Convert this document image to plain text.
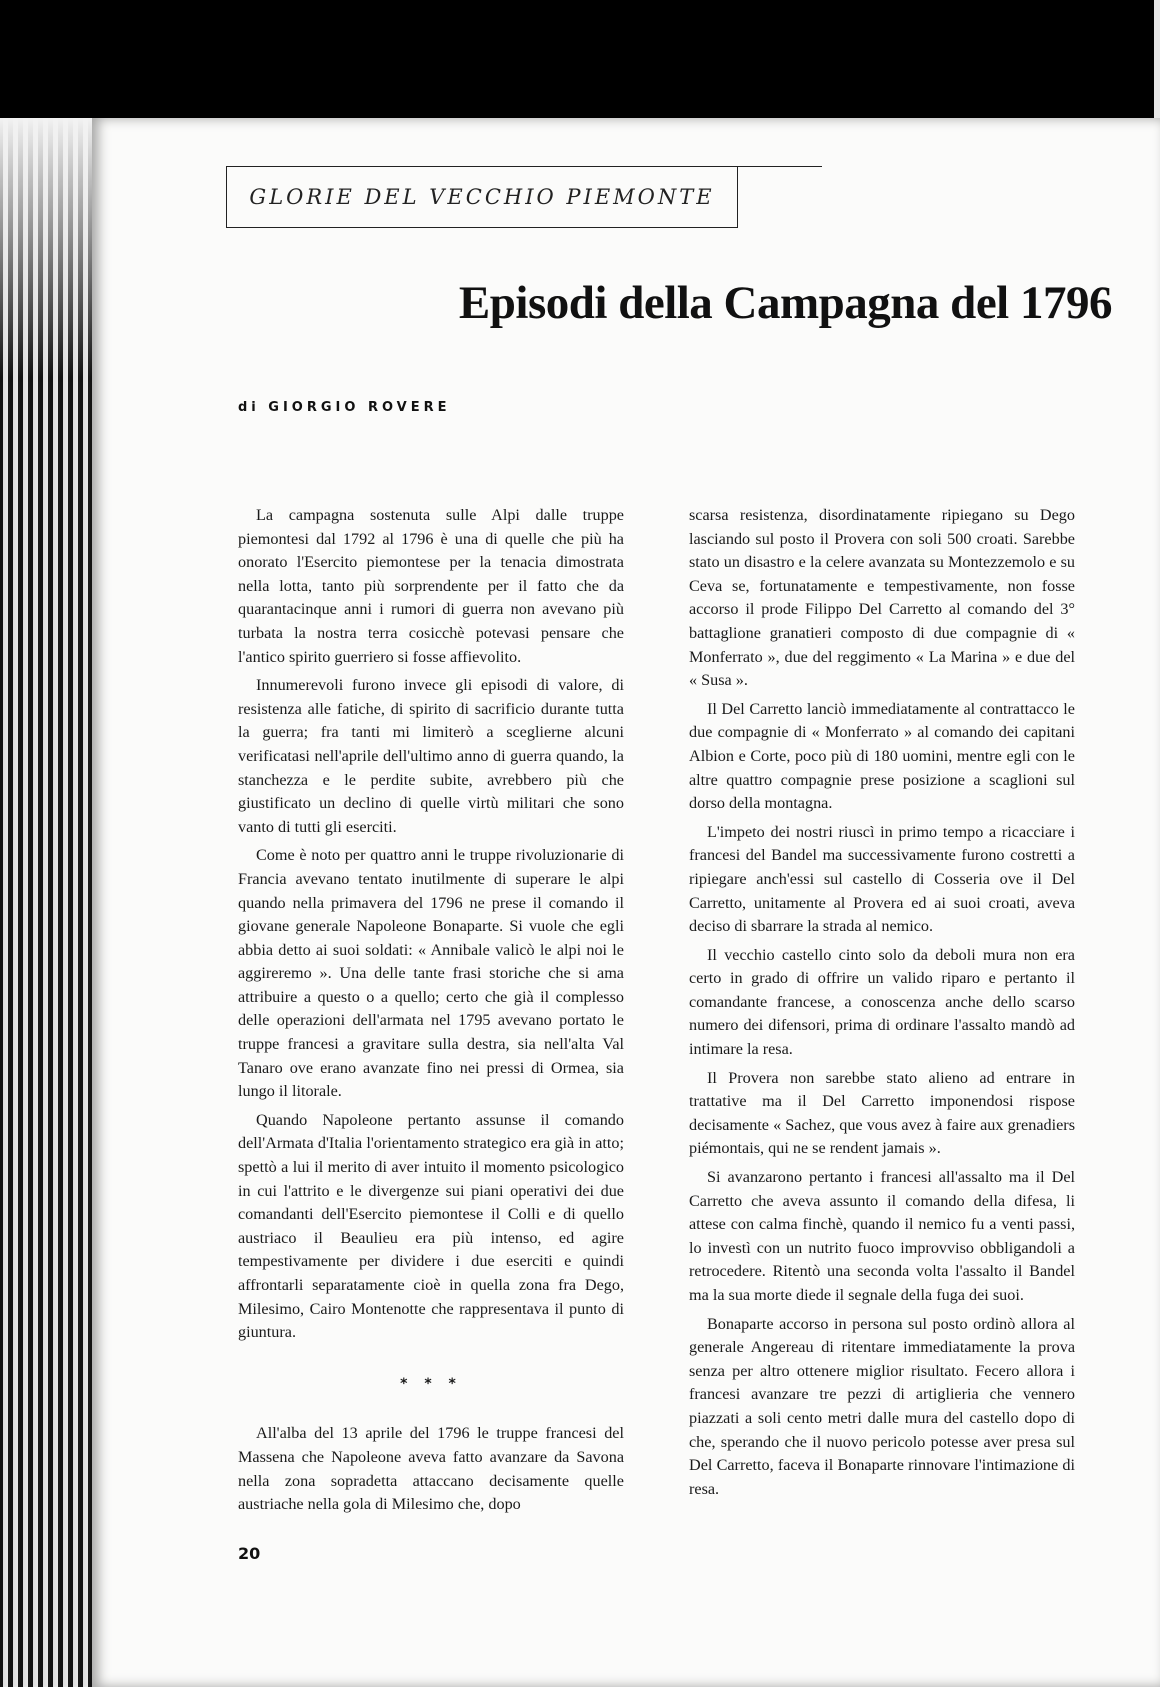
GLORIE DEL VECCHIO PIEMONTE
Episodi della Campagna del 1796
di GIORGIO ROVERE

La campagna sostenuta sulle Alpi dalle truppe piemontesi dal 1792 al 1796 è una di quelle che più ha onorato l'Esercito piemontese per la tenacia dimostrata nella lotta, tanto più sorprendente per il fatto che da quarantacinque anni i rumori di guerra non avevano più turbata la nostra terra cosicchè potevasi pensare che l'antico spirito guerriero si fosse affievolito.

Innumerevoli furono invece gli episodi di valore, di resistenza alle fatiche, di spirito di sacrificio durante tutta la guerra; fra tanti mi limiterò a sceglierne alcuni verificatasi nell'aprile dell'ultimo anno di guerra quando, la stanchezza e le perdite subite, avrebbero più che giustificato un declino di quelle virtù militari che sono vanto di tutti gli eserciti.

Come è noto per quattro anni le truppe rivoluzionarie di Francia avevano tentato inutilmente di superare le alpi quando nella primavera del 1796 ne prese il comando il giovane generale Napoleone Bonaparte. Si vuole che egli abbia detto ai suoi soldati: « Annibale valicò le alpi noi le aggireremo ». Una delle tante frasi storiche che si ama attribuire a questo o a quello; certo che già il complesso delle operazioni dell'armata nel 1795 avevano portato le truppe francesi a gravitare sulla destra, sia nell'alta Val Tanaro ove erano avanzate fino nei pressi di Ormea, sia lungo il litorale.

Quando Napoleone pertanto assunse il comando dell'Armata d'Italia l'orientamento strategico era già in atto; spettò a lui il merito di aver intuito il momento psicologico in cui l'attrito e le divergenze sui piani operativi dei due comandanti dell'Esercito piemontese il Colli e di quello austriaco il Beaulieu era più intenso, ed agire tempestivamente per dividere i due eserciti e quindi affrontarli separatamente cioè in quella zona fra Dego, Milesimo, Cairo Montenotte che rappresentava il punto di giuntura.

* * *

All'alba del 13 aprile del 1796 le truppe francesi del Massena che Napoleone aveva fatto avanzare da Savona nella zona sopradetta attaccano decisamente quelle austriache nella gola di Milesimo che, dopo

scarsa resistenza, disordinatamente ripiegano su Dego lasciando sul posto il Provera con soli 500 croati. Sarebbe stato un disastro e la celere avanzata su Montezzemolo e su Ceva se, fortunatamente e tempestivamente, non fosse accorso il prode Filippo Del Carretto al comando del 3° battaglione granatieri composto di due compagnie di « Monferrato », due del reggimento « La Marina » e due del « Susa ».

Il Del Carretto lanciò immediatamente al contrattacco le due compagnie di « Monferrato » al comando dei capitani Albion e Corte, poco più di 180 uomini, mentre egli con le altre quattro compagnie prese posizione a scaglioni sul dorso della montagna.

L'impeto dei nostri riuscì in primo tempo a ricacciare i francesi del Bandel ma successivamente furono costretti a ripiegare anch'essi sul castello di Cosseria ove il Del Carretto, unitamente al Provera ed ai suoi croati, aveva deciso di sbarrare la strada al nemico.

Il vecchio castello cinto solo da deboli mura non era certo in grado di offrire un valido riparo e pertanto il comandante francese, a conoscenza anche dello scarso numero dei difensori, prima di ordinare l'assalto mandò ad intimare la resa.

Il Provera non sarebbe stato alieno ad entrare in trattative ma il Del Carretto imponendosi rispose decisamente « Sachez, que vous avez à faire aux grenadiers piémontais, qui ne se rendent jamais ».

Si avanzarono pertanto i francesi all'assalto ma il Del Carretto che aveva assunto il comando della difesa, li attese con calma finchè, quando il nemico fu a venti passi, lo investì con un nutrito fuoco improvviso obbligandoli a retrocedere. Ritentò una seconda volta l'assalto il Bandel ma la sua morte diede il segnale della fuga dei suoi.

Bonaparte accorso in persona sul posto ordinò allora al generale Angereau di ritentare immediatamente la prova senza per altro ottenere miglior risultato. Fecero allora i francesi avanzare tre pezzi di artiglieria che vennero piazzati a soli cento metri dalle mura del castello dopo di che, sperando che il nuovo pericolo potesse aver presa sul Del Carretto, faceva il Bonaparte rinnovare l'intimazione di resa.

20
